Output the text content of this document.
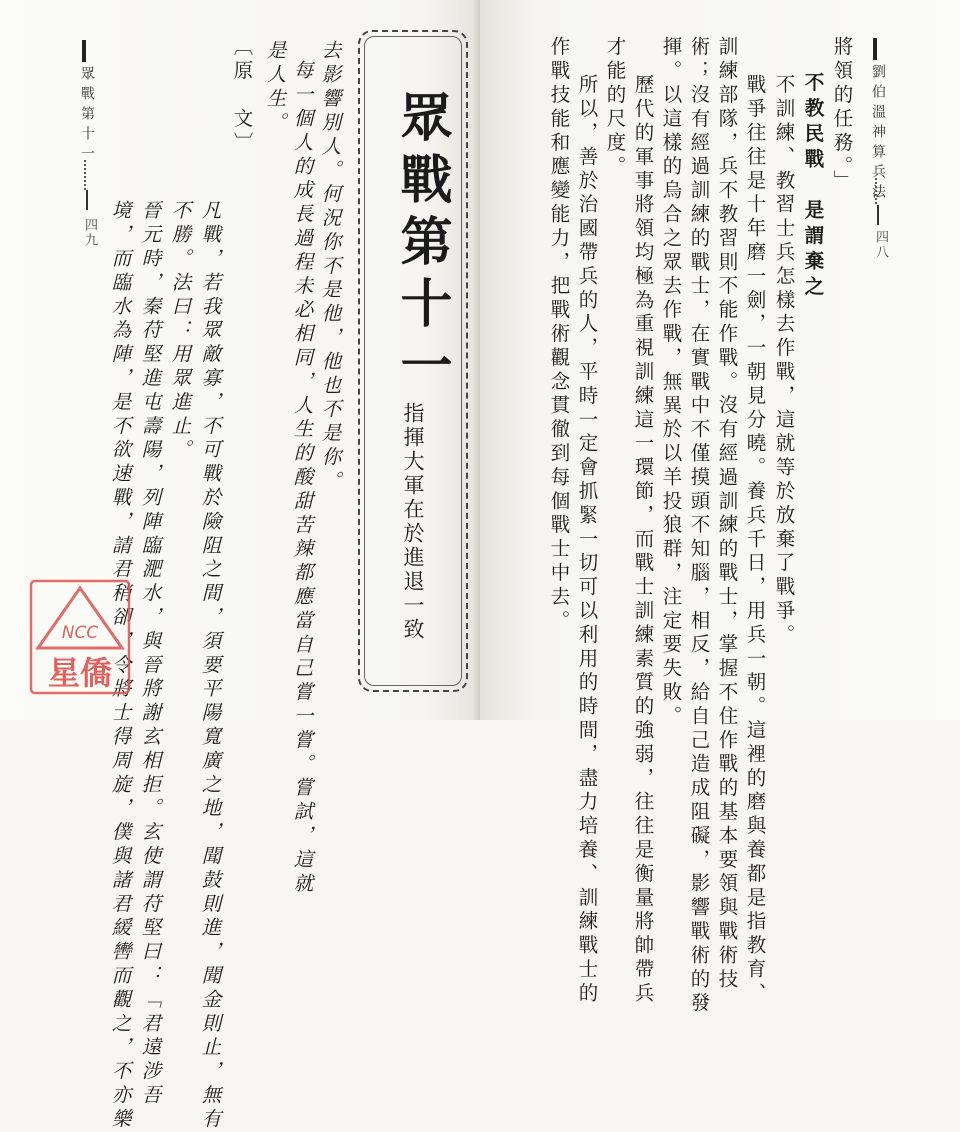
眾戰第十一
四九 境，而臨水為陣，是不欲速戰，請君稍卻，令將士得周旋，僕與諸君緩轡而觀之，不亦樂 晉元時，秦苻堅進屯壽陽，列陣臨淝水，與晉將謝玄相拒。玄使謂苻堅曰：「君遠涉吾 不勝。法曰：用眾進止。 凡戰，若我眾敵寡，不可戰於險阻之間，須要平陽寬廣之地，聞鼓則進，聞金則止，無有
〔原　文〕 是人生。 每一個人的成長過程未必相同，人生的酸甜苦辣都應當自己嘗一嘗。嘗試，這就 去影響別人。何況你不是他，他也不是你。 眾戰第十一
指揮大軍在於進退一致
NCC
星僑
劉伯溫神算兵法
四八
將領的任務。」
不教民戰　是謂棄之
不訓練、教習士兵怎樣去作戰，這就等於放棄了戰爭。
戰爭往往是十年磨一劍，一朝見分曉。養兵千日，用兵一朝。這裡的磨與養都是指教育、
訓練部隊，兵不教習則不能作戰。沒有經過訓練的戰士，掌握不住作戰的基本要領與戰術技
術；沒有經過訓練的戰士，在實戰中不僅摸頭不知腦，相反，給自己造成阻礙，影響戰術的發
揮。以這樣的烏合之眾去作戰，無異於以羊投狼群，注定要失敗。
歷代的軍事將領均極為重視訓練這一環節，而戰士訓練素質的強弱，往往是衡量將帥帶兵
才能的尺度。
所以，善於治國帶兵的人，平時一定會抓緊一切可以利用的時間，盡力培養、訓練戰士的
作戰技能和應變能力，把戰術觀念貫徹到每個戰士中去。
